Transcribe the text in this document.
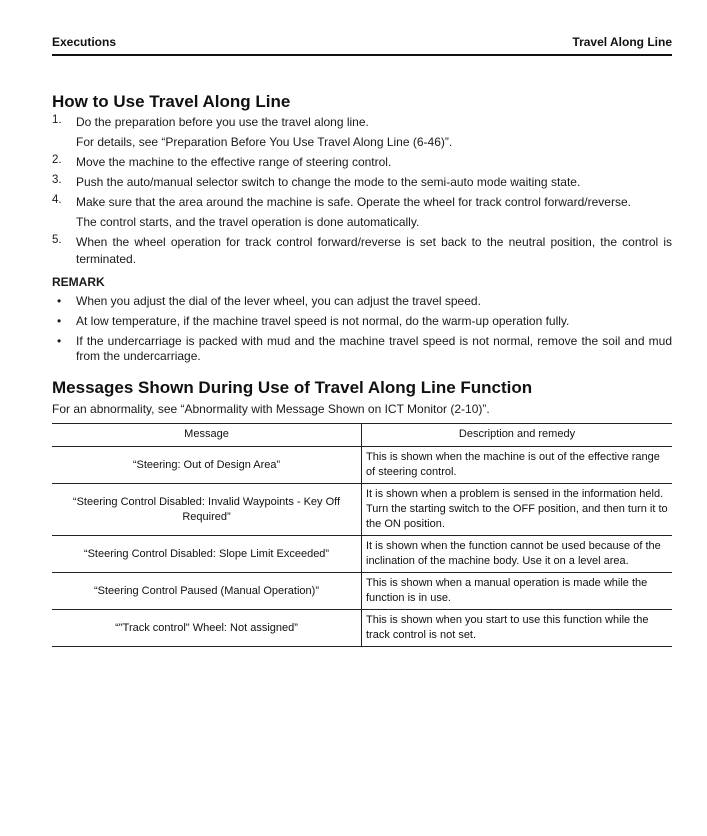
Executions	Travel Along Line
How to Use Travel Along Line
1. Do the preparation before you use the travel along line.
For details, see “Preparation Before You Use Travel Along Line (6-46)”.
2. Move the machine to the effective range of steering control.
3. Push the auto/manual selector switch to change the mode to the semi-auto mode waiting state.
4. Make sure that the area around the machine is safe. Operate the wheel for track control forward/reverse.
The control starts, and the travel operation is done automatically.
5. When the wheel operation for track control forward/reverse is set back to the neutral position, the control is terminated.
REMARK
• When you adjust the dial of the lever wheel, you can adjust the travel speed.
• At low temperature, if the machine travel speed is not normal, do the warm-up operation fully.
• If the undercarriage is packed with mud and the machine travel speed is not normal, remove the soil and mud from the undercarriage.
Messages Shown During Use of Travel Along Line Function
For an abnormality, see “Abnormality with Message Shown on ICT Monitor (2-10)”.
Message	Description and remedy
“Steering: Out of Design Area”	This is shown when the machine is out of the effective range of steering control.
“Steering Control Disabled: Invalid Waypoints - Key Off Required”	It is shown when a problem is sensed in the information held. Turn the starting switch to the OFF position, and then turn it to the ON position.
“Steering Control Disabled: Slope Limit Exceeded”	It is shown when the function cannot be used because of the inclination of the machine body. Use it on a level area.
“Steering Control Paused (Manual Operation)”	This is shown when a manual operation is made while the function is in use.
“"Track control" Wheel: Not assigned”	This is shown when you start to use this function while the track control is not set.
